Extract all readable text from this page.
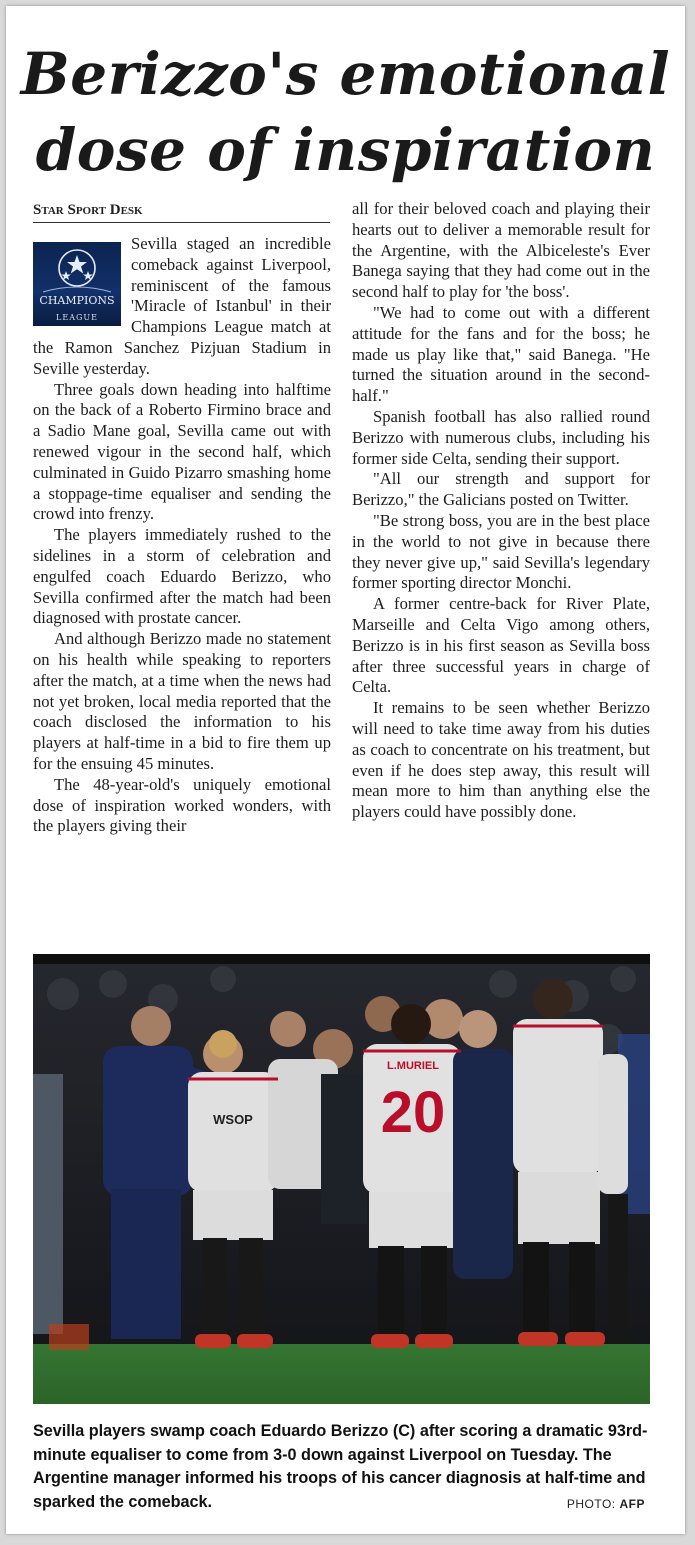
Berizzo's emotional
dose of inspiration
Star Sport Desk

CHAMPIONS
LEAGUE
Sevilla staged an incredible comeback against Liverpool, reminiscent of the famous 'Miracle of Istanbul' in their Champions League match at the Ramon Sanchez Pizjuan Stadium in Seville yesterday.

Three goals down heading into halftime on the back of a Roberto Firmino brace and a Sadio Mane goal, Sevilla came out with renewed vigour in the second half, which culminated in Guido Pizarro smashing home a stoppage-time equaliser and sending the crowd into frenzy.

The players immediately rushed to the sidelines in a storm of celebration and engulfed coach Eduardo Berizzo, who Sevilla confirmed after the match had been diagnosed with prostate cancer.

And although Berizzo made no statement on his health while speaking to reporters after the match, at a time when the news had not yet broken, local media reported that the coach disclosed the information to his players at half-time in a bid to fire them up for the ensuing 45 minutes.

The 48-year-old's uniquely emotional dose of inspiration worked wonders, with the players giving their

all for their beloved coach and playing their hearts out to deliver a memorable result for the Argentine, with the Albiceleste's Ever Banega saying that they had come out in the second half to play for 'the boss'.

"We had to come out with a different attitude for the fans and for the boss; he made us play like that," said Banega. "He turned the situation around in the second-half."

Spanish football has also rallied round Berizzo with numerous clubs, including his former side Celta, sending their support.

"All our strength and support for Berizzo," the Galicians posted on Twitter.

"Be strong boss, you are in the best place in the world to not give in because there they never give up," said Sevilla's legendary former sporting director Monchi.

A former centre-back for River Plate, Marseille and Celta Vigo among others, Berizzo is in his first season as Sevilla boss after three successful years in charge of Celta.

It remains to be seen whether Berizzo will need to take time away from his duties as coach to concentrate on his treatment, but even if he does step away, this result will mean more to him than anything else the players could have possibly done.

WSOP
L.MURIEL
20
Sevilla players swamp coach Eduardo Berizzo (C) after scoring a dramatic 93rd-minute equaliser to come from 3-0 down against Liverpool on Tuesday. The Argentine manager informed his troops of his cancer diagnosis at half-time and sparked the comeback.	PHOTO: AFP
